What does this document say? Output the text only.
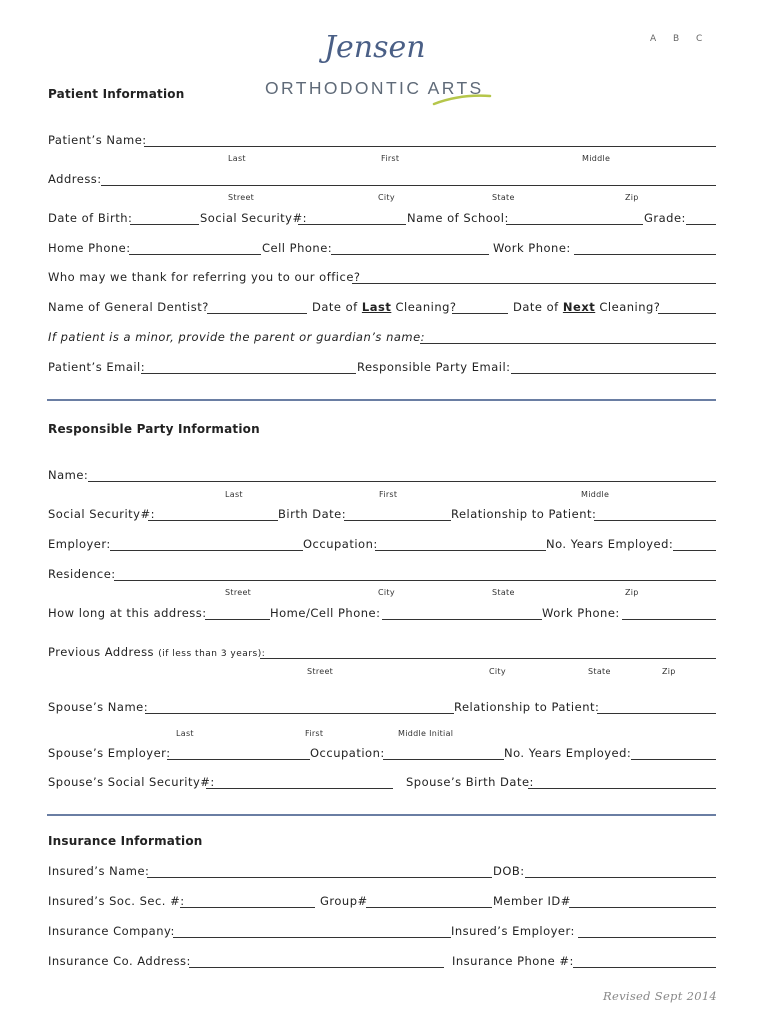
A B C
Jensen
ORTHODONTIC ARTS
Patient Information
Patient’s Name:
Last	First	Middle
Address:
Street	City	State	Zip
Date of Birth:	Social Security#:	Name of School:	Grade:
Home Phone:	Cell Phone:	Work Phone:
Who may we thank for referring you to our office?
Name of General Dentist?	Date of Last Cleaning?	Date of Next Cleaning?
If patient is a minor, provide the parent or guardian’s name:
Patient’s Email:	Responsible Party Email:
Responsible Party Information
Name:
Last	First	Middle
Social Security#:	Birth Date:	Relationship to Patient:
Employer:	Occupation:	No. Years Employed:
Residence:
Street	City	State	Zip
How long at this address:	Home/Cell Phone:	Work Phone:
Previous Address (if less than 3 years):
Street	City	State	Zip
Spouse’s Name:	Relationship to Patient:
Last	First	Middle Initial
Spouse’s Employer:	Occupation:	No. Years Employed:
Spouse’s Social Security#:	Spouse’s Birth Date:
Insurance Information
Insured’s Name:	DOB:
Insured’s Soc. Sec. #:	Group#	Member ID#
Insurance Company:	Insured’s Employer:
Insurance Co. Address:	Insurance Phone #:
Revised Sept 2014
